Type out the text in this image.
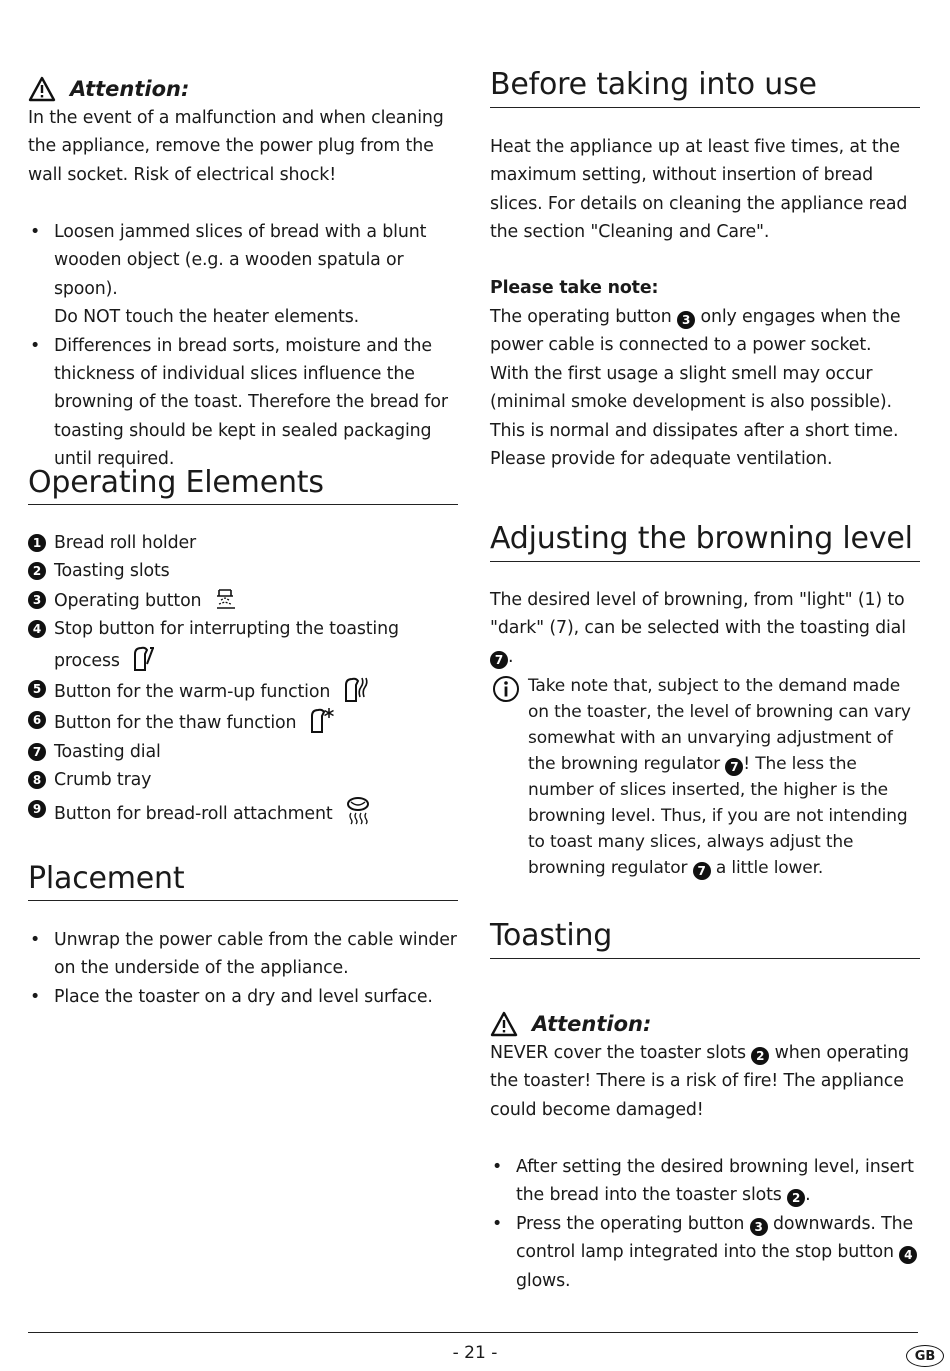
Attention:

In the event of a malfunction and when cleaning the appliance, remove the power plug from the wall socket. Risk of electrical shock!

• Loosen jammed slices of bread with a blunt wooden object (e.g. a wooden spatula or spoon).
Do NOT touch the heater elements.
• Differences in bread sorts, moisture and the thickness of individual slices influence the browning of the toast. Therefore the bread for toasting should be kept in sealed packaging until required.
Operating Elements
1 Bread roll holder
2 Toasting slots
3 Operating button
4 Stop button for interrupting the toasting process
5 Button for the warm-up function
6 Button for the thaw function
7 Toasting dial
8 Crumb tray
9 Button for bread-roll attachment
Placement
• Unwrap the power cable from the cable winder on the underside of the appliance.
• Place the toaster on a dry and level surface.
Before taking into use

Heat the appliance up at least five times, at the maximum setting, without insertion of bread slices. For details on cleaning the appliance read the section "Cleaning and Care".

Please take note:

The operating button 3 only engages when the power cable is connected to a power socket.
With the first usage a slight smell may occur (minimal smoke development is also possible). This is normal and dissipates after a short time. Please provide for adequate ventilation.

Adjusting the browning level

The desired level of browning, from "light" (1) to "dark" (7), can be selected with the toasting dial 7 .

Take note that, subject to the demand made on the toaster, the level of browning can vary somewhat with an unvarying adjustment of the browning regulator 7 ! The less the number of slices inserted, the higher is the browning level. Thus, if you are not intending to toast many slices, always adjust the browning regulator 7 a little lower.

Toasting
Attention:

NEVER cover the toaster slots 2 when operating the toaster! There is a risk of fire! The appliance could become damaged!

• After setting the desired browning level, insert the bread into the toaster slots 2 .
• Press the operating button 3 downwards. The control lamp integrated into the stop button 4 glows.
- 21 -	GB
